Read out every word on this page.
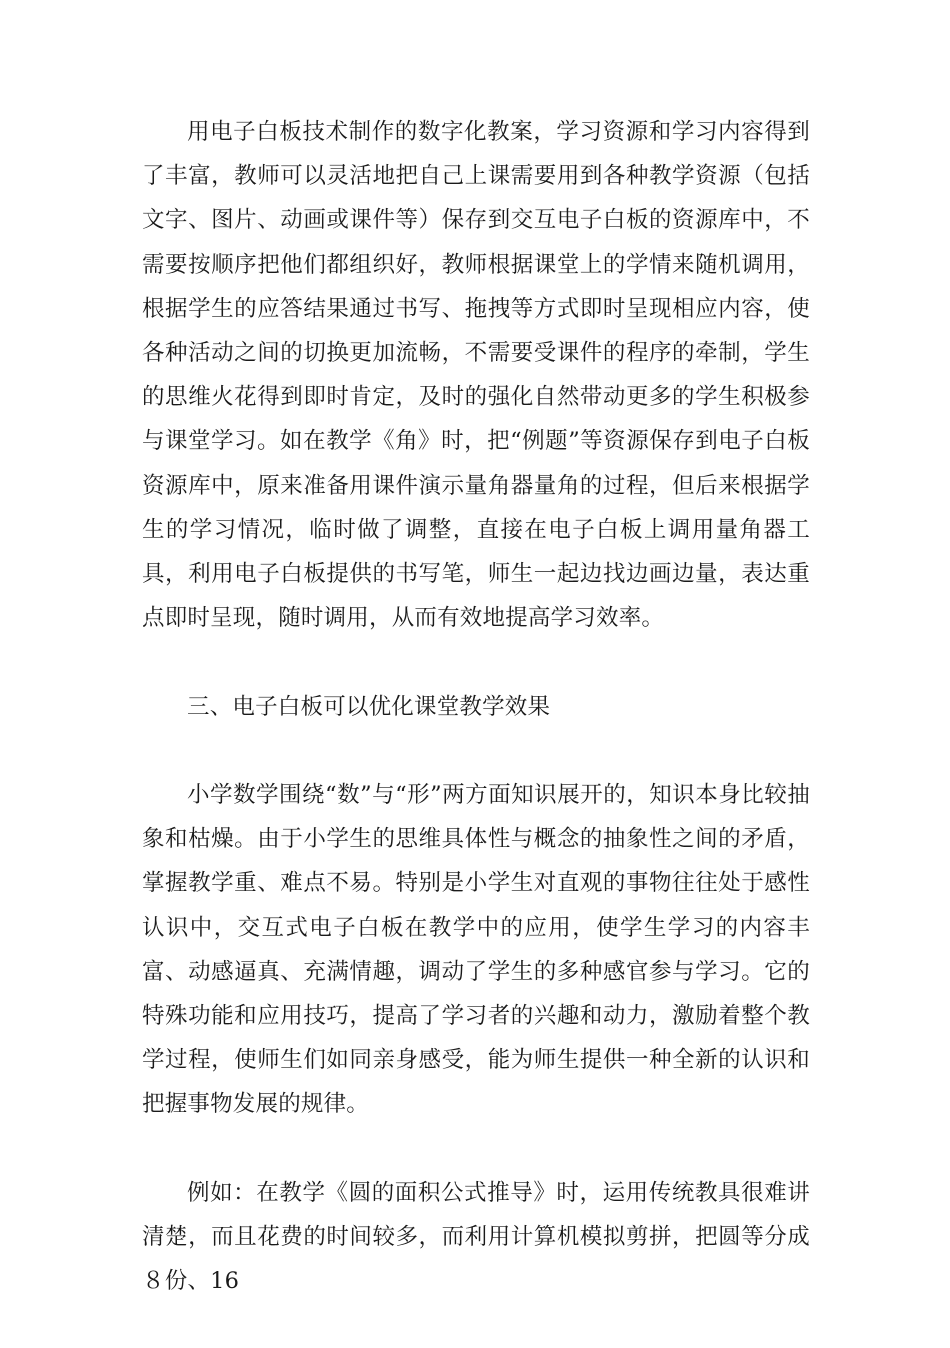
用电子白板技术制作的数字化教案，学习资源和学习内容得到了丰富，教师可以灵活地把自己上课需要用到各种教学资源（包括文字、图片、动画或课件等）保存到交互电子白板的资源库中，不需要按顺序把他们都组织好，教师根据课堂上的学情来随机调用，根据学生的应答结果通过书写、拖拽等方式即时呈现相应内容，使各种活动之间的切换更加流畅，不需要受课件的程序的牵制，学生的思维火花得到即时肯定，及时的强化自然带动更多的学生积极参与课堂学习。如在教学《角》时，把“例题”等资源保存到电子白板资源库中，原来准备用课件演示量角器量角的过程，但后来根据学生的学习情况，临时做了调整，直接在电子白板上调用量角器工具，利用电子白板提供的书写笔，师生一起边找边画边量，表达重点即时呈现，随时调用，从而有效地提高学习效率。

三、电子白板可以优化课堂教学效果

小学数学围绕“数”与“形”两方面知识展开的，知识本身比较抽象和枯燥。由于小学生的思维具体性与概念的抽象性之间的矛盾，掌握教学重、难点不易。特别是小学生对直观的事物往往处于感性认识中，交互式电子白板在教学中的应用，使学生学习的内容丰富、动感逼真、充满情趣，调动了学生的多种感官参与学习。它的特殊功能和应用技巧，提高了学习者的兴趣和动力，激励着整个教学过程，使师生们如同亲身感受，能为师生提供一种全新的认识和把握事物发展的规律。

例如：在教学《圆的面积公式推导》时，运用传统教具很难讲清楚，而且花费的时间较多，而利用计算机模拟剪拼，把圆等分成８份、16
